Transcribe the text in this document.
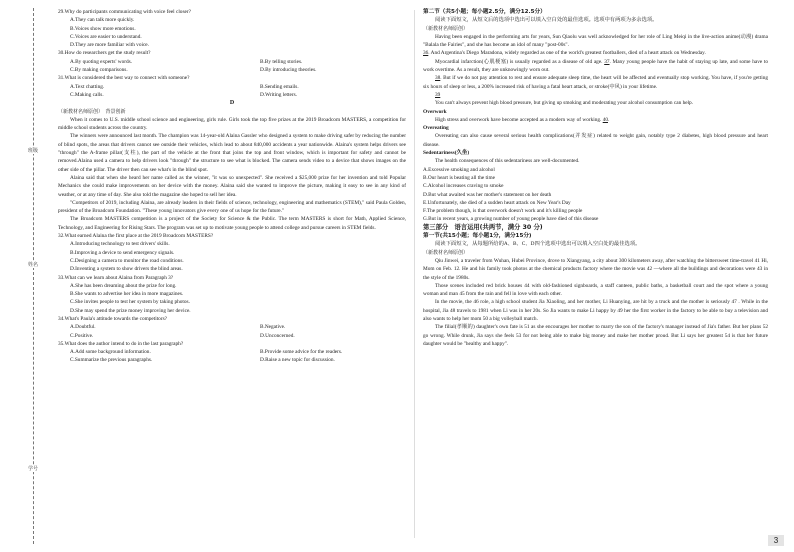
班级
姓名
学号
29.Why do participants communicating with voice feel closer?
A.They can talk more quickly.
B.Voices show more emotions.
C.Voices are easier to understand.
D.They are more familiar with voice.
30.How do researchers get the study result?
A.By quoting experts' words.	B.By telling stories.
C.By making comparisons.	D.By introducing theories.
31.What is considered the best way to connect with someone?
A.Text chatting.	B.Sending emails.
C.Making calls.	D.Writing letters.
D
（新教材名师原创）　背景创新

When it comes to U.S. middle school science and engineering, girls rule. Girls took the top five prizes at the 2019 Broadcom MASTERS, a competition for middle school students across the country.

The winners were announced last month. The champion was 14-year-old Alaina Gassler who designed a system to make driving safer by reducing the number of blind spots, the areas that drivers cannot see outside their vehicles, which lead to about 840,000 accidents a year nationwide. Alaina's system helps drivers see "through" the A-frame pillar(支柱), the part of the vehicle at the front that joins the top and front window, which is important for safety and cannot be removed.Alaina used a camera to help drivers look "through" the structure to see what is blocked. The camera sends video to a device that shows images on the other side of the pillar. The driver then can see what's in the blind spot.

Alaina said that when she heard her name called as the winner, "it was so unexpected". She received a $25,000 prize for her invention and told Popular Mechanics she could make improvements on her device with the money. Alaina said she wanted to improve the picture, making it easy to see in any kind of weather, or at any time of day. She also told the magazine she hoped to sell her idea.

"Competitors of 2019, including Alaina, are already leaders in their fields of science, technology, engineering and mathematics (STEM)," said Paula Golden, president of the Broadcom Foundation. "These young innovators give every one of us hope for the future."

The Broadcom MASTERS competition is a project of the Society for Science & the Public. The term MASTERS is short for Math, Applied Science, Technology, and Engineering for Rising Stars. The program was set up to motivate young people to attend college and pursue careers in STEM fields.

32.What earned Alaina the first place at the 2019 Broadcom MASTERS?
A.Introducing technology to test drivers' skills.
B.Improving a device to send emergency signals.
C.Designing a camera to monitor the road conditions.
D.Inventing a system to show drivers the blind areas.
33.What can we learn about Alaina from Paragraph 3?
A.She has been dreaming about the prize for long.
B.She wants to advertise her idea in more magazines.
C.She invites people to test her system by taking photos.
D.She may spend the prize money improving her device.
34.What's Paula's attitude towards the competitors?
A.Doubtful.	B.Negative.
C.Positive.	D.Unconcerned.
35.What does the author intend to do in the last paragraph?
A.Add some background information.	B.Provide some advice for the readers.
C.Summarize the previous paragraphs.	D.Raise a new topic for discussion.
第二节（共5小题；每小题2.5分，满分12.5分）

阅读下面短文，从短文后的选项中选出可以填入空白处的最佳选项。选项中有两项为多余选项。

（新教材名师原创）

Having been engaged in the performing arts for years, Sun Qiaolu was well acknowledged for her role of Ling Meiqi in the live-action anime(动漫) drama "Balala the Fairies", and she has become an idol of many "post-00s".

36. And Argentina's Diego Maradona, widely regarded as one of the world's greatest footballers, died of a heart attack on Wednesday.

Myocardial infarction(心肌梗塞) is usually regarded as a disease of old age. 37. Many young people have the habit of staying up late, and some have to work overtime. As a result, they are unknowingly worn out.

38. But if we do not pay attention to rest and ensure adequate sleep time, the heart will be affected and eventually stop working. You have, if you're getting six hours of sleep or less, a 200% increased risk of having a fatal heart attack, or stroke(中风) in your lifetime.

39

You can't always prevent high blood pressure, but giving up smoking and moderating your alcohol consumption can help.

Overwork

High stress and overwork have become accepted as a modern way of working. 40.

Overeating

Overeating can also cause several serious health complications(并发症) related to weight gain, notably type 2 diabetes, high blood pressure and heart disease.

Sedentariness(久坐)

The health consequences of this sedentariness are well-documented.

A.Excessive smoking and alcohol
B.Our heart is beating all the time
C.Alcohol increases craving to smoke
D.But what awaited was her mother's statement on her death
E.Unfortunately, she died of a sudden heart attack on New Year's Day
F.The problem though, is that overwork doesn't work and it's killing people
G.But in recent years, a growing number of young people have died of this disease
第三部分　语言运用(共两节，满分 30 分)
第一节(共15小题；每小题1分，满分15分)

阅读下面短文，从每题所给的A、B、C、D四个选项中选出可以填入空白处的最佳选项。

（新教材名师原创）

Qiu Jinwei, a traveler from Wuhan, Hubei Province, drove to Xiangyang, a city about 300 kilometers away, after watching the bittersweet time-travel 41 Hi, Mom on Feb. 12. He and his family took photos at the chemical products factory where the movie was 42 —where all the buildings and decorations were 43 in the style of the 1980s.

Those scenes included red brick houses 44 with old-fashioned signboards, a staff canteen, public baths, a basketball court and the spot where a young woman and man 45 from the rain and fell in love with each other.

In the movie, the 46 role, a high school student Jia Xiaoling, and her mother, Li Huanying, are hit by a truck and the mother is seriously 47 . While in the hospital, Jia 48 travels to 1981 when Li was in her 20s. So Jia wants to make Li happy by 49 her the first worker in the factory to be able to buy a television and also wants to help her mom 50 a big volleyball match.

The filial(孝顺的) daughter's own fate is 51 as she encourages her mother to marry the son of the factory's manager instead of Jia's father. But her plans 52 go wrong. While drunk, Jia says she feels 53 for not being able to make big money and make her mother proud. But Li says her greatest 54 is that her future daughter would be "healthy and happy".

3
